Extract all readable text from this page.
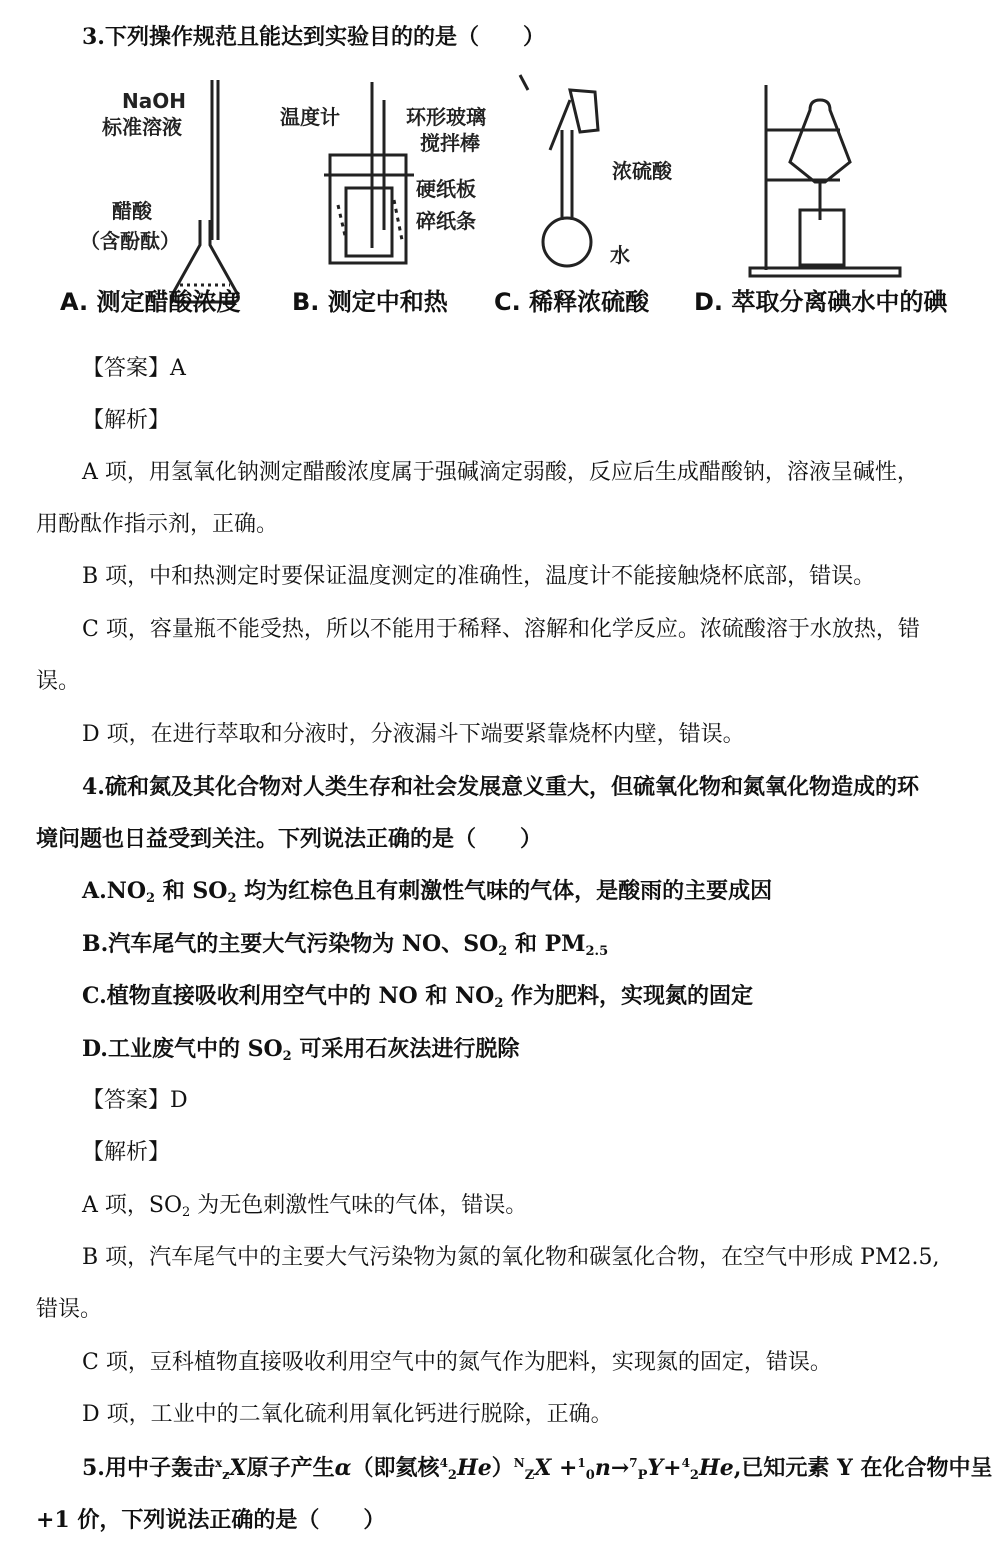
3.下列操作规范且能达到实验目的的是（　　）
NaOH
标准溶液
醋酸
（含酚酞）
温度计	环形玻璃
搅拌棒
硬纸板
碎纸条
浓硫酸
水
A. 测定醋酸浓度 B. 测定中和热 C. 稀释浓硫酸 D. 萃取分离碘水中的碘
【答案】A
【解析】
A 项，用氢氧化钠测定醋酸浓度属于强碱滴定弱酸，反应后生成醋酸钠，溶液呈碱性，
用酚酞作指示剂，正确。
B 项，中和热测定时要保证温度测定的准确性，温度计不能接触烧杯底部，错误。
C 项，容量瓶不能受热，所以不能用于稀释、溶解和化学反应。浓硫酸溶于水放热，错
误。
D 项，在进行萃取和分液时，分液漏斗下端要紧靠烧杯内壁，错误。
4.硫和氮及其化合物对人类生存和社会发展意义重大，但硫氧化物和氮氧化物造成的环
境问题也日益受到关注。下列说法正确的是（　　）
$A.NO_2$ 和 $SO_2$ 均为红棕色且有刺激性气味的气体，是酸雨的主要成因
B.汽车尾气的主要大气污染物为 NO、$SO_2$ 和 $PM_{2.5}$
C.植物直接吸收利用空气中的 NO 和 $NO_2$ 作为肥料，实现氮的固定
D.工业废气中的 $SO_2$ 可采用石灰法进行脱除
【答案】D
【解析】
A 项，$SO_2$ 为无色刺激性气味的气体，错误。
B 项，汽车尾气中的主要大气污染物为氮的氧化物和碳氢化合物，在空气中形成 PM2.5,
错误。
C 项，豆科植物直接吸收利用空气中的氮气作为肥料，实现氮的固定，错误。
D 项，工业中的二氧化硫利用氧化钙进行脱除，正确。
5.用中子轰击$^x_z$X原子产生α（即氦核$^4_2$He）$^N_Z$X +$^1_0$n→$^7_P$Y+$^4_2$He,已知元素 Y 在化合物中呈
+1 价，下列说法正确的是（　　）
